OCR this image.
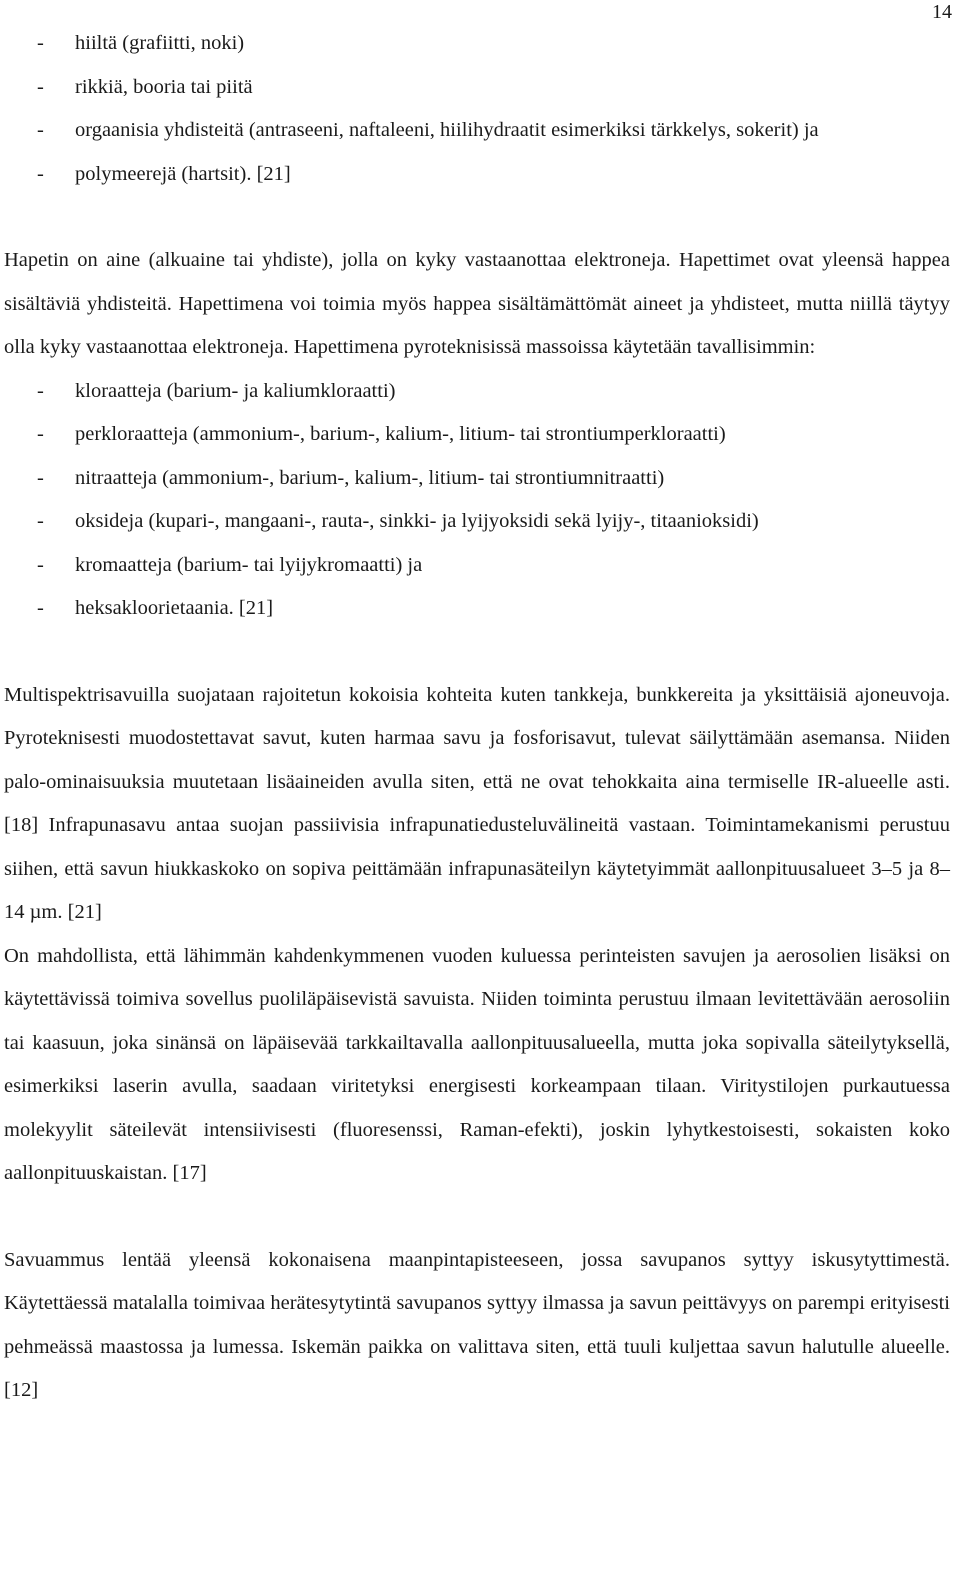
14
- hiiltä (grafiitti, noki)
- rikkiä, booria tai piitä
- orgaanisia yhdisteitä (antraseeni, naftaleeni, hiilihydraatit esimerkiksi tärkkelys, sokerit) ja
- polymeerejä (hartsit). [21]

Hapetin on aine (alkuaine tai yhdiste), jolla on kyky vastaanottaa elektroneja. Hapettimet ovat yleensä happea sisältäviä yhdisteitä. Hapettimena voi toimia myös happea sisältämättömät aineet ja yhdisteet, mutta niillä täytyy olla kyky vastaanottaa elektroneja. Hapettimena pyroteknisissä massoissa käytetään tavallisimmin:

- kloraatteja (barium- ja kaliumkloraatti)
- perkloraatteja (ammonium-, barium-, kalium-, litium- tai strontiumperkloraatti)
- nitraatteja (ammonium-, barium-, kalium-, litium- tai strontiumnitraatti)
- oksideja (kupari-, mangaani-, rauta-, sinkki- ja lyijyoksidi sekä lyijy-, titaanioksidi)
- kromaatteja (barium- tai lyijykromaatti) ja
- heksakloorietaania. [21]

Multispektrisavuilla suojataan rajoitetun kokoisia kohteita kuten tankkeja, bunkkereita ja yksittäisiä ajoneuvoja. Pyroteknisesti muodostettavat savut, kuten harmaa savu ja fosforisavut, tulevat säilyttämään asemansa. Niiden palo-ominaisuuksia muutetaan lisäaineiden avulla siten, että ne ovat tehokkaita aina termiselle IR-alueelle asti. [18] Infrapunasavu antaa suojan passiivisia infrapunatiedusteluvälineitä vastaan. Toimintamekanismi perustuu siihen, että savun hiukkaskoko on sopiva peittämään infrapunasäteilyn käytetyimmät aallonpituusalueet 3–5 ja 8–14 µm. [21]

On mahdollista, että lähimmän kahdenkymmenen vuoden kuluessa perinteisten savujen ja aerosolien lisäksi on käytettävissä toimiva sovellus puoliläpäisevistä savuista. Niiden toiminta perustuu ilmaan levitettävään aerosoliin tai kaasuun, joka sinänsä on läpäisevää tarkkailtavalla aallonpituusalueella, mutta joka sopivalla säteilytyksellä, esimerkiksi laserin avulla, saadaan viritetyksi energisesti korkeampaan tilaan. Viritystilojen purkautuessa molekyylit säteilevät intensiivisesti (fluoresenssi, Raman-efekti), joskin lyhytkestoisesti, sokaisten koko aallonpituuskaistan. [17]

Savuammus lentää yleensä kokonaisena maanpintapisteeseen, jossa savupanos syttyy iskusytyttimestä. Käytettäessä matalalla toimivaa herätesytytintä savupanos syttyy ilmassa ja savun peittävyys on parempi erityisesti pehmeässä maastossa ja lumessa. Iskemän paikka on valittava siten, että tuuli kuljettaa savun halutulle alueelle. [12]
